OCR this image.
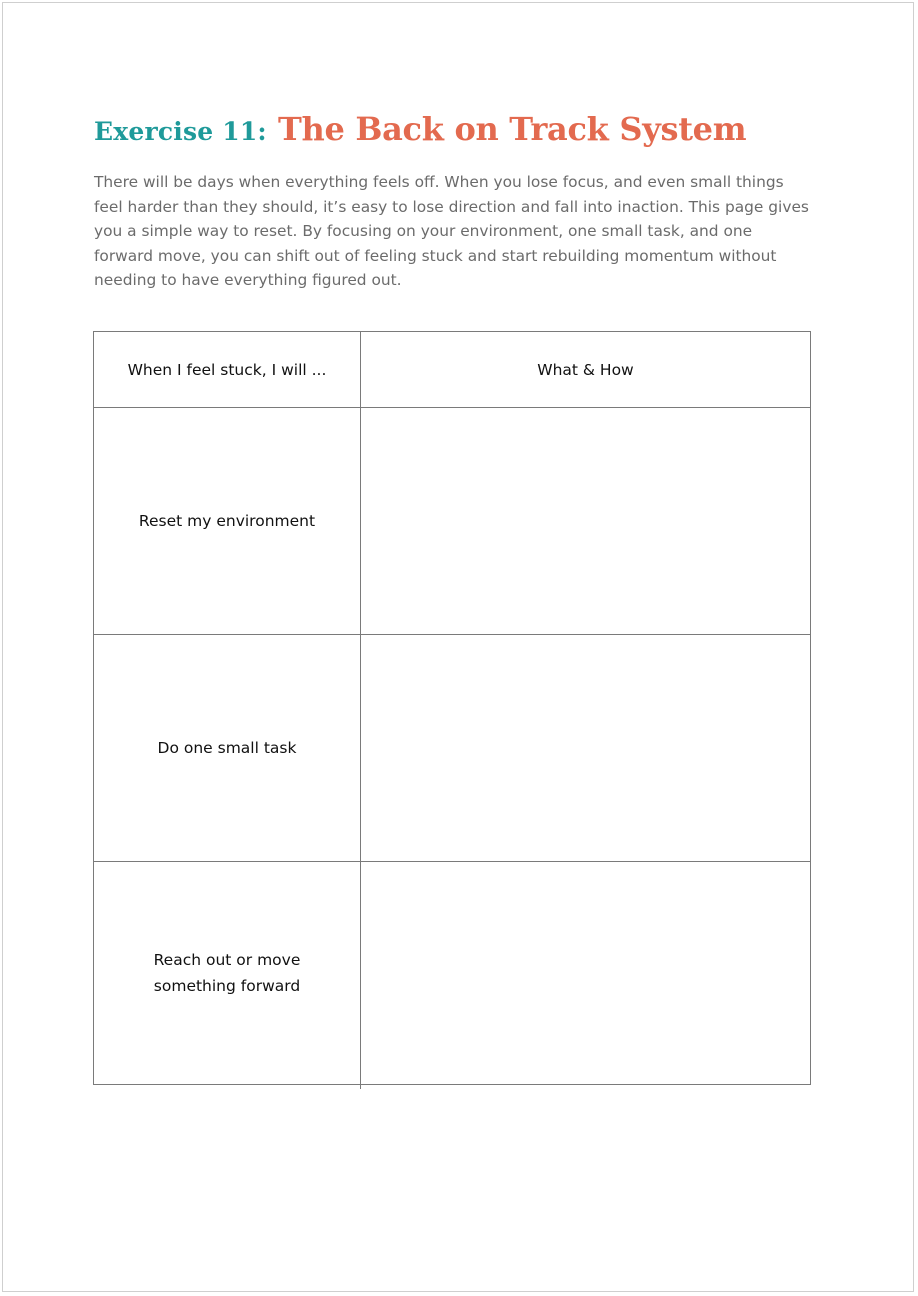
Exercise 11: The Back on Track System

There will be days when everything feels off. When you lose focus, and even small things feel harder than they should, it’s easy to lose direction and fall into inaction. This page gives you a simple way to reset. By focusing on your environment, one small task, and one forward move, you can shift out of feeling stuck and start rebuilding momentum without needing to have everything figured out.

When I feel stuck, I will ...	What & How
Reset my environment	
Do one small task	
Reach out or move something forward	
